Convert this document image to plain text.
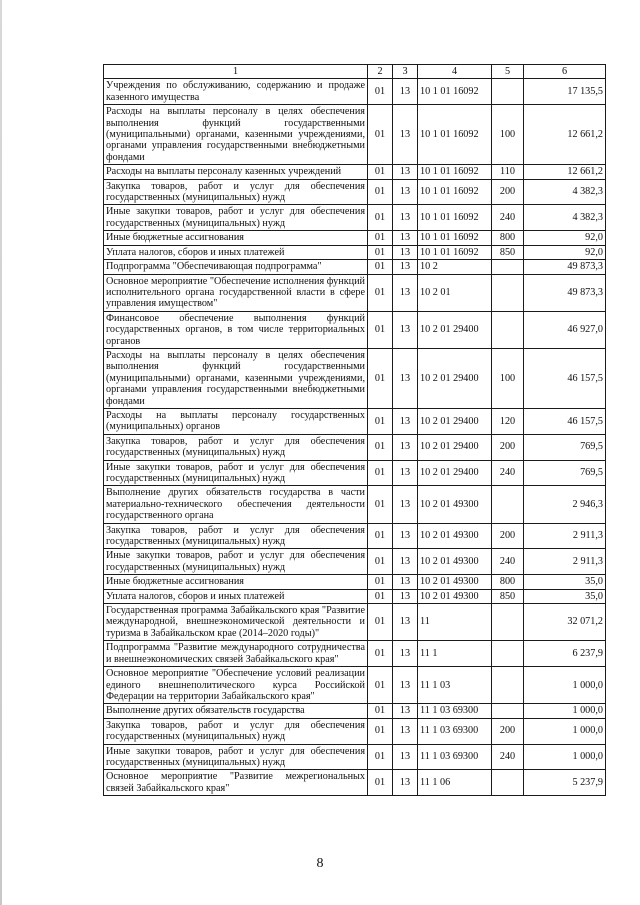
1	2	3	4	5	6
Учреждения по обслуживанию, содержанию и продаже казенного имущества	01	13	10 1 01 16092		17 135,5
Расходы на выплаты персоналу в целях обеспечения выполнения функций государственными (муниципальными) органами, казенными учреждениями, органами управления государственными внебюджетными фондами	01	13	10 1 01 16092	100	12 661,2
Расходы на выплаты персоналу казенных учреждений	01	13	10 1 01 16092	110	12 661,2
Закупка товаров, работ и услуг для обеспечения государственных (муниципальных) нужд	01	13	10 1 01 16092	200	4 382,3
Иные закупки товаров, работ и услуг для обеспечения государственных (муниципальных) нужд	01	13	10 1 01 16092	240	4 382,3
Иные бюджетные ассигнования	01	13	10 1 01 16092	800	92,0
Уплата налогов, сборов и иных платежей	01	13	10 1 01 16092	850	92,0
Подпрограмма "Обеспечивающая подпрограмма"	01	13	10 2		49 873,3
Основное мероприятие "Обеспечение исполнения функций исполнительного органа государственной власти в сфере управления имуществом"	01	13	10 2 01		49 873,3
Финансовое обеспечение выполнения функций государственных органов, в том числе территориальных органов	01	13	10 2 01 29400		46 927,0
Расходы на выплаты персоналу в целях обеспечения выполнения функций государственными (муниципальными) органами, казенными учреждениями, органами управления государственными внебюджетными фондами	01	13	10 2 01 29400	100	46 157,5
Расходы на выплаты персоналу государственных (муниципальных) органов	01	13	10 2 01 29400	120	46 157,5
Закупка товаров, работ и услуг для обеспечения государственных (муниципальных) нужд	01	13	10 2 01 29400	200	769,5
Иные закупки товаров, работ и услуг для обеспечения государственных (муниципальных) нужд	01	13	10 2 01 29400	240	769,5
Выполнение других обязательств государства в части материально-технического обеспечения деятельности государственного органа	01	13	10 2 01 49300		2 946,3
Закупка товаров, работ и услуг для обеспечения государственных (муниципальных) нужд	01	13	10 2 01 49300	200	2 911,3
Иные закупки товаров, работ и услуг для обеспечения государственных (муниципальных) нужд	01	13	10 2 01 49300	240	2 911,3
Иные бюджетные ассигнования	01	13	10 2 01 49300	800	35,0
Уплата налогов, сборов и иных платежей	01	13	10 2 01 49300	850	35,0
Государственная программа Забайкальского края "Развитие международной, внешнеэкономической деятельности и туризма в Забайкальском крае (2014–2020 годы)"	01	13	11		32 071,2
Подпрограмма "Развитие международного сотрудничества и внешнеэкономических связей Забайкальского края"	01	13	11 1		6 237,9
Основное мероприятие "Обеспечение условий реализации единого внешнеполитического курса Российской Федерации на территории Забайкальского края"	01	13	11 1 03		1 000,0
Выполнение других обязательств государства	01	13	11 1 03 69300		1 000,0
Закупка товаров, работ и услуг для обеспечения государственных (муниципальных) нужд	01	13	11 1 03 69300	200	1 000,0
Иные закупки товаров, работ и услуг для обеспечения государственных (муниципальных) нужд	01	13	11 1 03 69300	240	1 000,0
Основное мероприятие "Развитие межрегиональных связей Забайкальского края"	01	13	11 1 06		5 237,9
8
